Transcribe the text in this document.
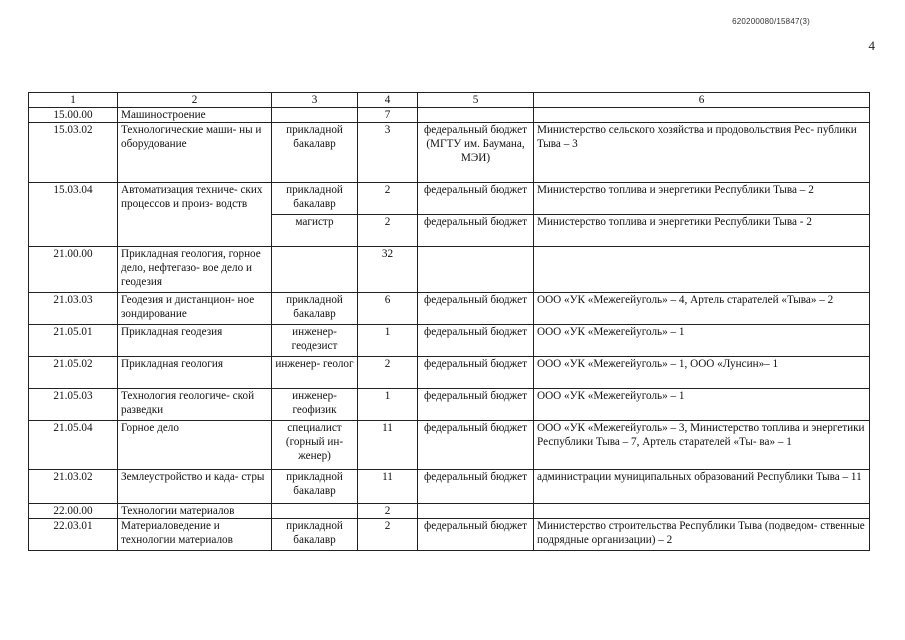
620200080/15847(3)
4
1	2	3	4	5	6
15.00.00	Машиностроение		7		
15.03.02	Технологические маши- ны и оборудование	прикладной бакалавр	3	федеральный бюджет (МГТУ им. Баумана, МЭИ)	Министерство сельского хозяйства и продовольствия Рес- публики Тыва – 3
15.03.04	Автоматизация техниче- ских процессов и произ- водств	прикладной бакалавр	2	федеральный бюджет	Министерство топлива и энергетики Республики Тыва – 2
		магистр	2	федеральный бюджет	Министерство топлива и энергетики Республики Тыва - 2
21.00.00	Прикладная геология, горное дело, нефтегазо- вое дело и геодезия		32		
21.03.03	Геодезия и дистанцион- ное зондирование	прикладной бакалавр	6	федеральный бюджет	ООО «УК «Межегейуголь» – 4, Артель старателей «Тыва» – 2
21.05.01	Прикладная геодезия	инженер- геодезист	1	федеральный бюджет	ООО «УК «Межегейуголь» – 1
21.05.02	Прикладная геология	инженер- геолог	2	федеральный бюджет	ООО «УК «Межегейуголь» – 1, ООО «Лунсин»– 1
21.05.03	Технология геологиче- ской разведки	инженер- геофизик	1	федеральный бюджет	ООО «УК «Межегейуголь» – 1
21.05.04	Горное дело	специалист (горный ин- женер)	11	федеральный бюджет	ООО «УК «Межегейуголь» – 3, Министерство топлива и энергетики Республики Тыва – 7, Артель старателей «Ты- ва» – 1
21.03.02	Землеустройство и када- стры	прикладной бакалавр	11	федеральный бюджет	администрации муниципальных образований Республики Тыва – 11
22.00.00	Технологии материалов		2		
22.03.01	Материаловедение и технологии материалов	прикладной бакалавр	2	федеральный бюджет	Министерство строительства Республики Тыва (подведом- ственные подрядные организации) – 2
